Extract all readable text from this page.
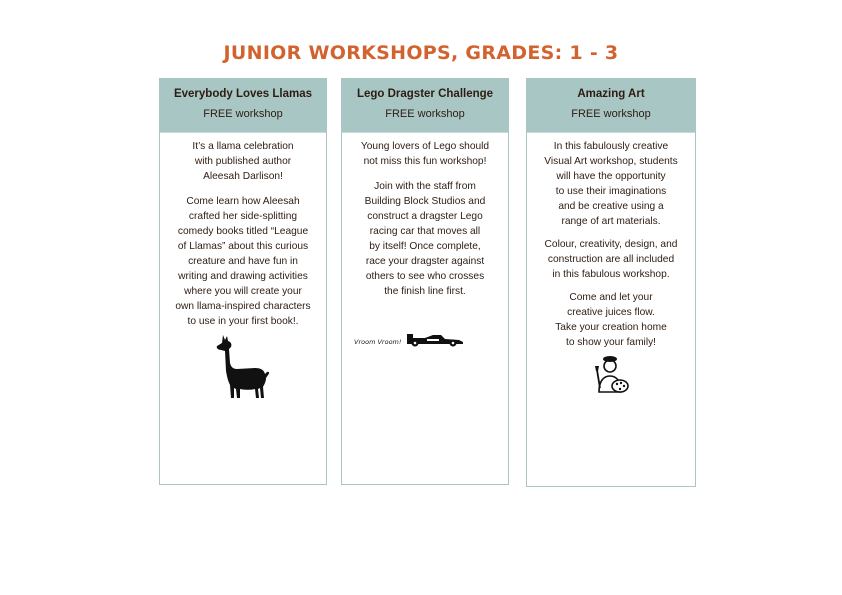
JUNIOR WORKSHOPS, GRADES: 1 - 3
Everybody Loves Llamas
FREE workshop

It’s a llama celebration
with published author
Aleesah Darlison!

Come learn how Aleesah
crafted her side-splitting
comedy books titled “League
of Llamas” about this curious
creature and have fun in
writing and drawing activities
where you will create your
own llama-inspired characters
to use in your first book!.

Lego Dragster Challenge
FREE workshop

Young lovers of Lego should
not miss this fun workshop!

Join with the staff from
Building Block Studios and
construct a dragster Lego
racing car that moves all
by itself! Once complete,
race your dragster against
others to see who crosses
the finish line first.

Vroom Vroom!
Amazing Art
FREE workshop

In this fabulously creative
Visual Art workshop, students
will have the opportunity
to use their imaginations
and be creative using a
range of art materials.

Colour, creativity, design, and
construction are all included
in this fabulous workshop.

Come and let your
creative juices flow.
Take your creation home
to show your family!
